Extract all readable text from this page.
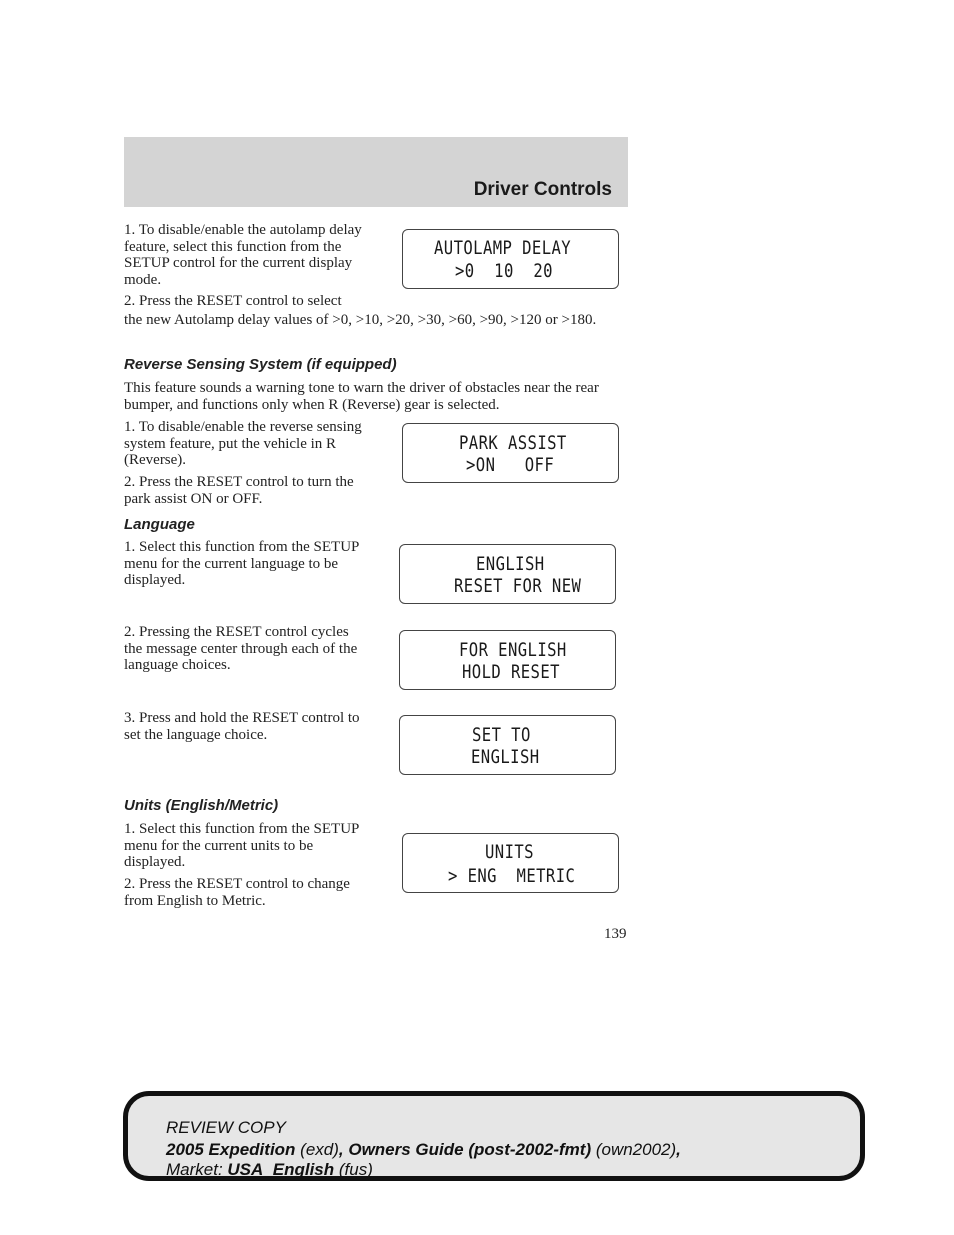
Driver Controls

1. To disable/enable the autolamp delay feature, select this function from the SETUP control for the current display mode.

2. Press the RESET control to select

the new Autolamp delay values of >0, >10, >20, >30, >60, >90, >120 or >180.

AUTOLAMP DELAY
>0  10  20

Reverse Sensing System (if equipped)

This feature sounds a warning tone to warn the driver of obstacles near the rear bumper, and functions only when R (Reverse) gear is selected.

1. To disable/enable the reverse sensing system feature, put the vehicle in R (Reverse).

2. Press the RESET control to turn the park assist ON or OFF.

PARK ASSIST
>ON   OFF

Language

1. Select this function from the SETUP menu for the current language to be displayed.

2. Pressing the RESET control cycles the message center through each of the language choices.

3. Press and hold the RESET control to set the language choice.

ENGLISH
RESET FOR NEW
FOR ENGLISH
HOLD RESET
SET TO
ENGLISH

Units (English/Metric)

1. Select this function from the SETUP menu for the current units to be displayed.

2. Press the RESET control to change from English to Metric.

UNITS
> ENG  METRIC
139
REVIEW COPY
2005 Expedition (exd), Owners Guide (post-2002-fmt) (own2002),
Market: USA_English (fus)
